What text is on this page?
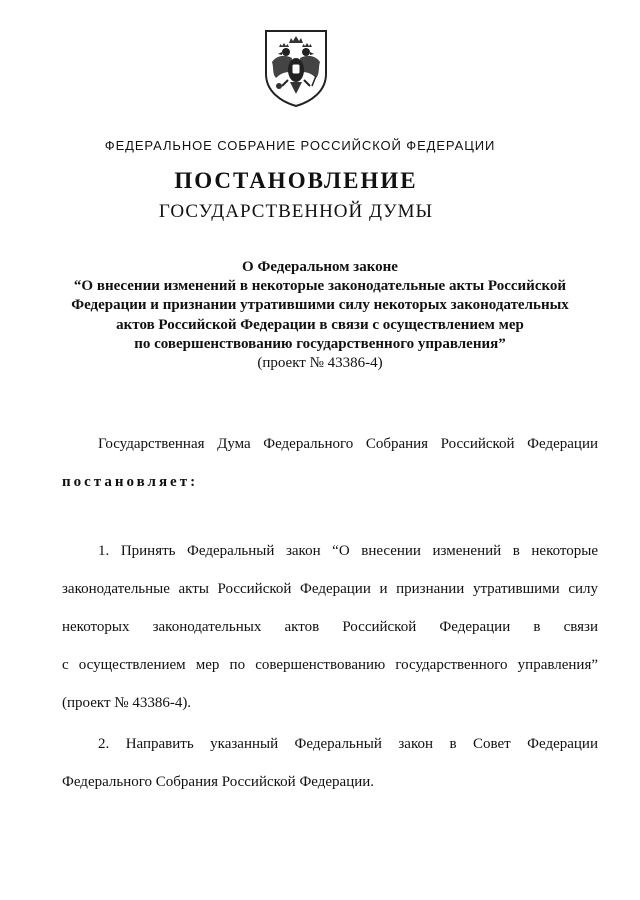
ФЕДЕРАЛЬНОЕ СОБРАНИЕ РОССИЙСКОЙ ФЕДЕРАЦИИ
ПОСТАНОВЛЕНИЕ
ГОСУДАРСТВЕННОЙ ДУМЫ
О Федеральном законе
“О внесении изменений в некоторые законодательные акты Российской
Федерации и признании утратившими силу некоторых законодательных
актов Российской Федерации в связи с осуществлением мер
по совершенствованию государственного управления”
(проект № 43386-4)
Государственная Дума Федерального Собрания Российской Федерации
постановляет:
1. Принять Федеральный закон “О внесении изменений в некоторые
законодательные акты Российской Федерации и признании утратившими силу
некоторых законодательных актов Российской Федерации в связи
с осуществлением мер по совершенствованию государственного управления”
(проект № 43386-4).
2. Направить указанный Федеральный закон в Совет Федерации
Федерального Собрания Российской Федерации.
